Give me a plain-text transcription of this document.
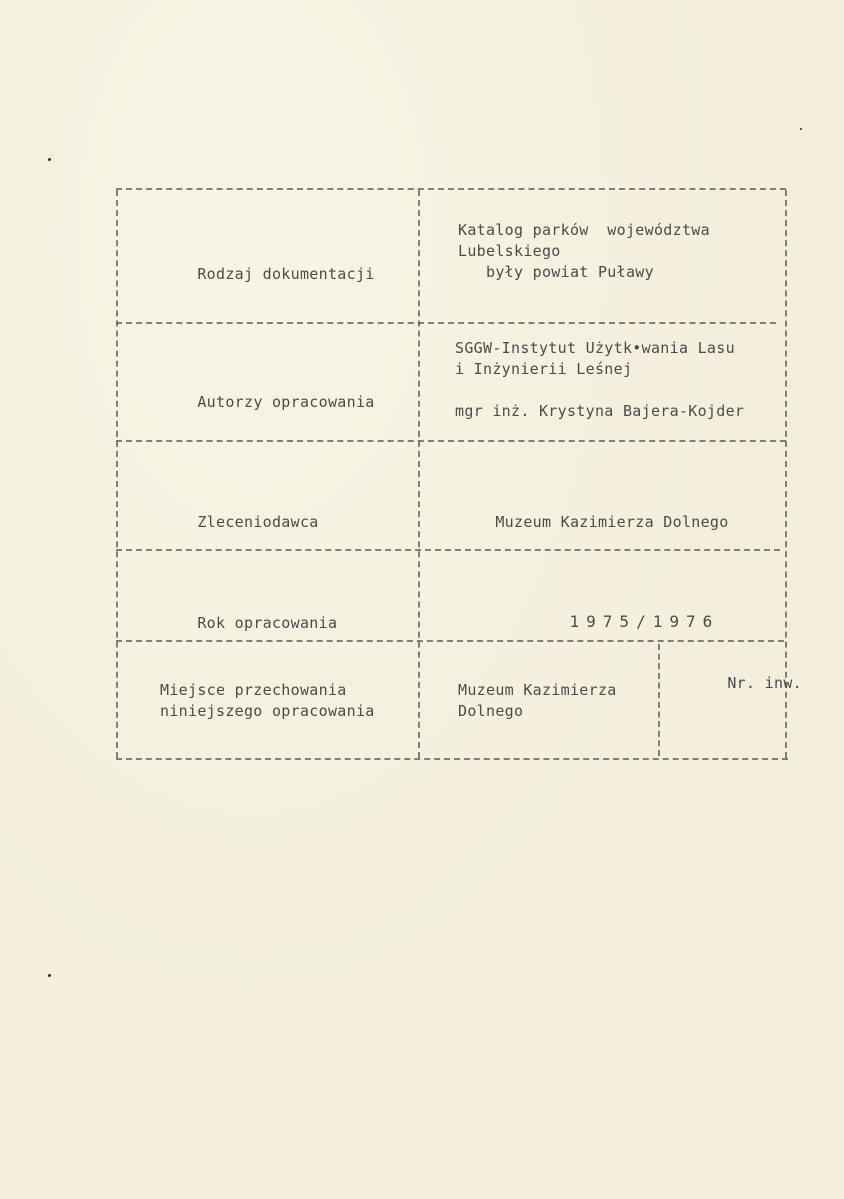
Rodzaj dokumentacji

Katalog parków  województwa
Lubelskiego
były powiat Puławy

Autorzy opracowania

SGGW-Instytut Użytk•wania Lasu
i Inżynierii Leśnej

mgr inż. Krystyna Bajera-Kojder

Zleceniodawca
	Muzeum Kazimierza Dolnego

Rok opracowania
	1975/1976

Miejsce przechowania
niniejszego opracowania
Muzeum Kazimierza
Dolnego

Nr. inw.
